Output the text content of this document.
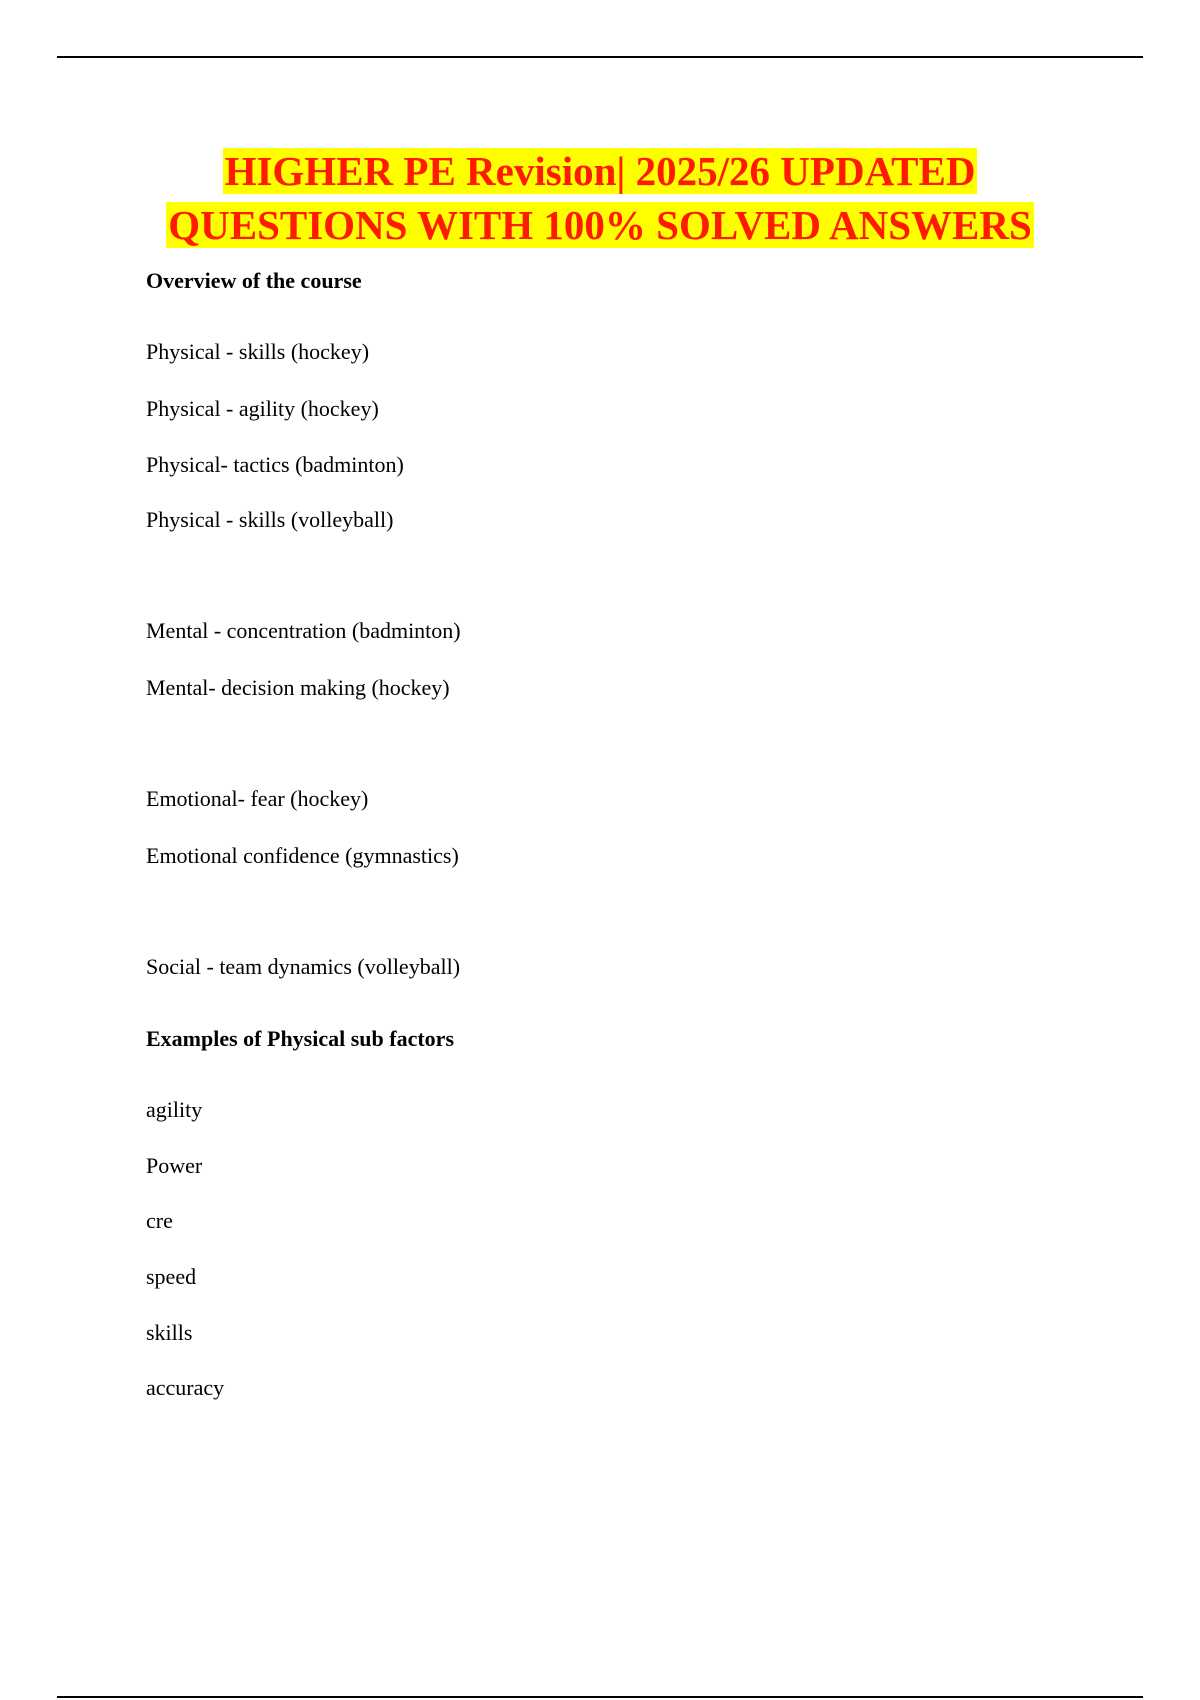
HIGHER PE Revision| 2025/26 UPDATED
QUESTIONS WITH 100% SOLVED ANSWERS
Overview of the course
Physical - skills (hockey)
Physical - agility (hockey)
Physical- tactics (badminton)
Physical - skills (volleyball)
Mental - concentration (badminton)
Mental- decision making (hockey)
Emotional- fear (hockey)
Emotional confidence (gymnastics)
Social - team dynamics (volleyball)
Examples of Physical sub factors
agility
Power
cre
speed
skills
accuracy
